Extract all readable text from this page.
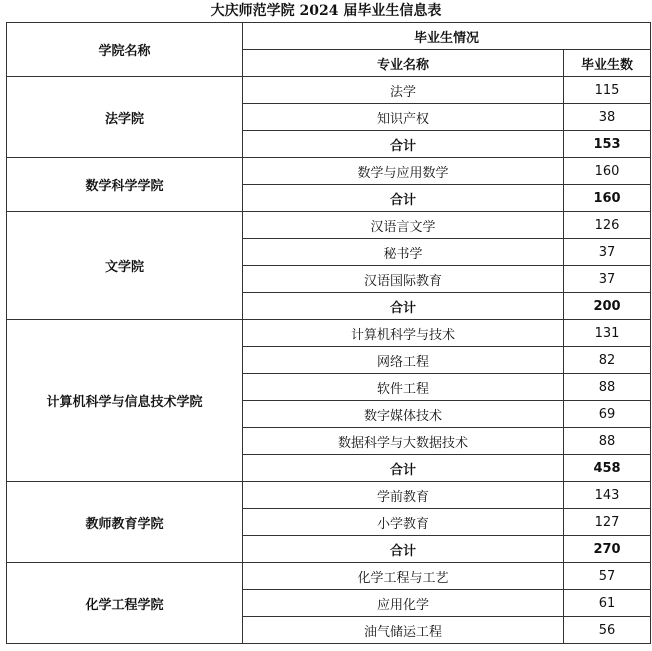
大庆师范学院 2024 届毕业生信息表
学院名称	毕业生情况	
	专业名称	毕业生数
法学院	法学	115
	知识产权	38
	合计	153
数学科学学院	数学与应用数学	160
	合计	160
文学院	汉语言文学	126
	秘书学	37
	汉语国际教育	37
	合计	200
计算机科学与信息技术学院	计算机科学与技术	131
	网络工程	82
	软件工程	88
	数字媒体技术	69
	数据科学与大数据技术	88
	合计	458
教师教育学院	学前教育	143
	小学教育	127
	合计	270
化学工程学院	化学工程与工艺	57
	应用化学	61
	油气储运工程	56
